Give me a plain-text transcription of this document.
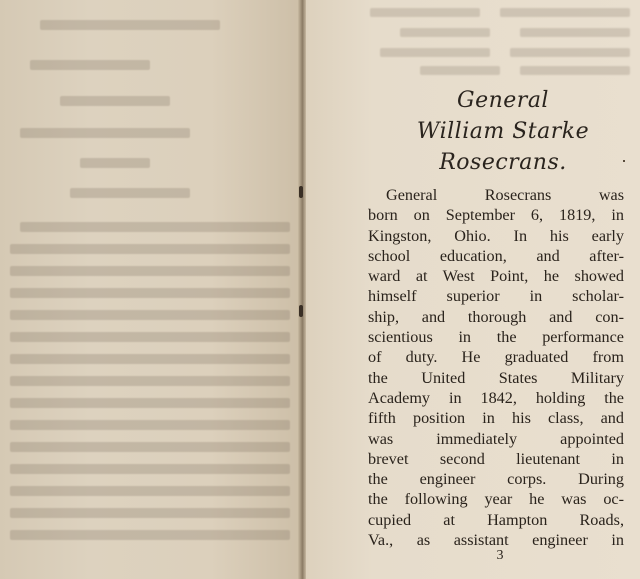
General
William Starke
Rosecrans.
General Rosecrans was
born on September 6, 1819, in
Kingston, Ohio. In his early
school education, and after-
ward at West Point, he showed
himself superior in scholar-
ship, and thorough and con-
scientious in the performance
of duty. He graduated from
the United States Military
Academy in 1842, holding the
fifth position in his class, and
was immediately appointed
brevet second lieutenant in
the engineer corps. During
the following year he was oc-
cupied at Hampton Roads,
Va., as assistant engineer in
3
